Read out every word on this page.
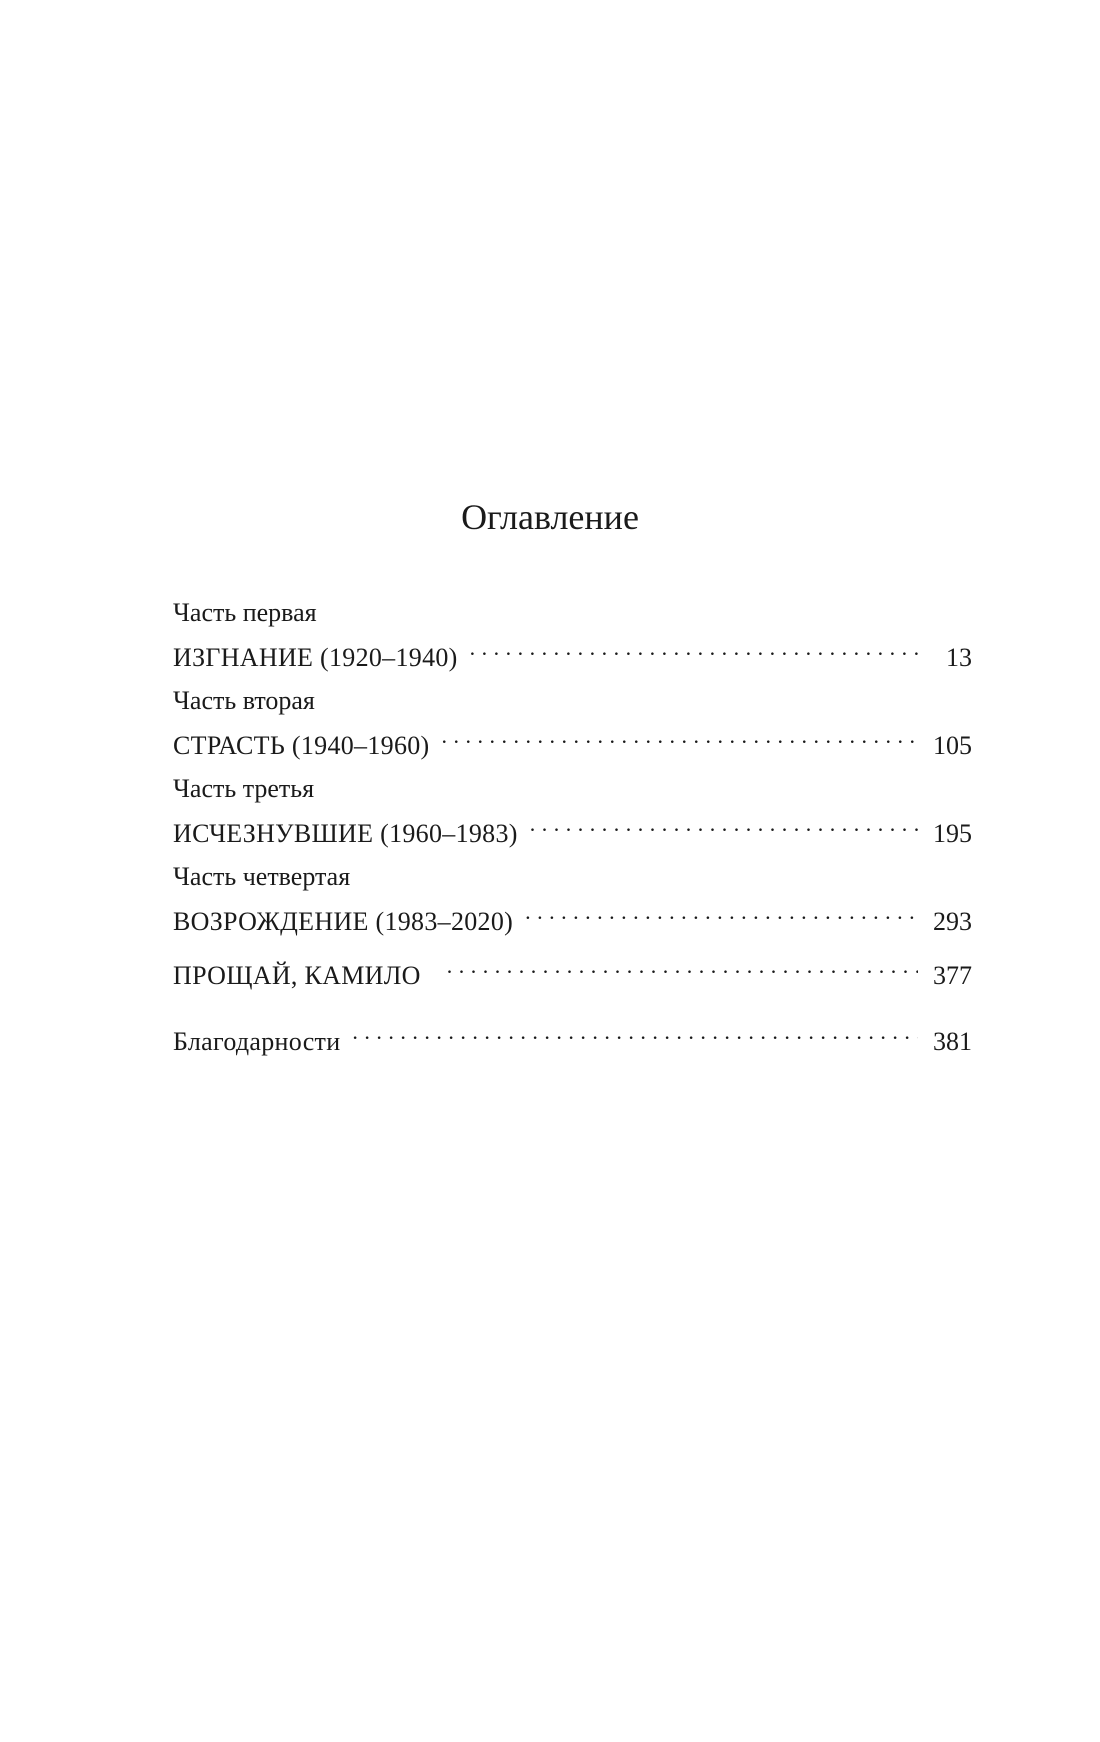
Оглавление
Часть первая
ИЗГНАНИЕ (1920–1940) . . .	13
Часть вторая
СТРАСТЬ (1940–1960) . . .	105
Часть третья
ИСЧЕЗНУВШИЕ (1960–1983) . . .	195
Часть четвертая
ВОЗРОЖДЕНИЕ (1983–2020) . . .	293
ПРОЩАЙ, КАМИЛО . . .	377
Благодарности . . .	381
